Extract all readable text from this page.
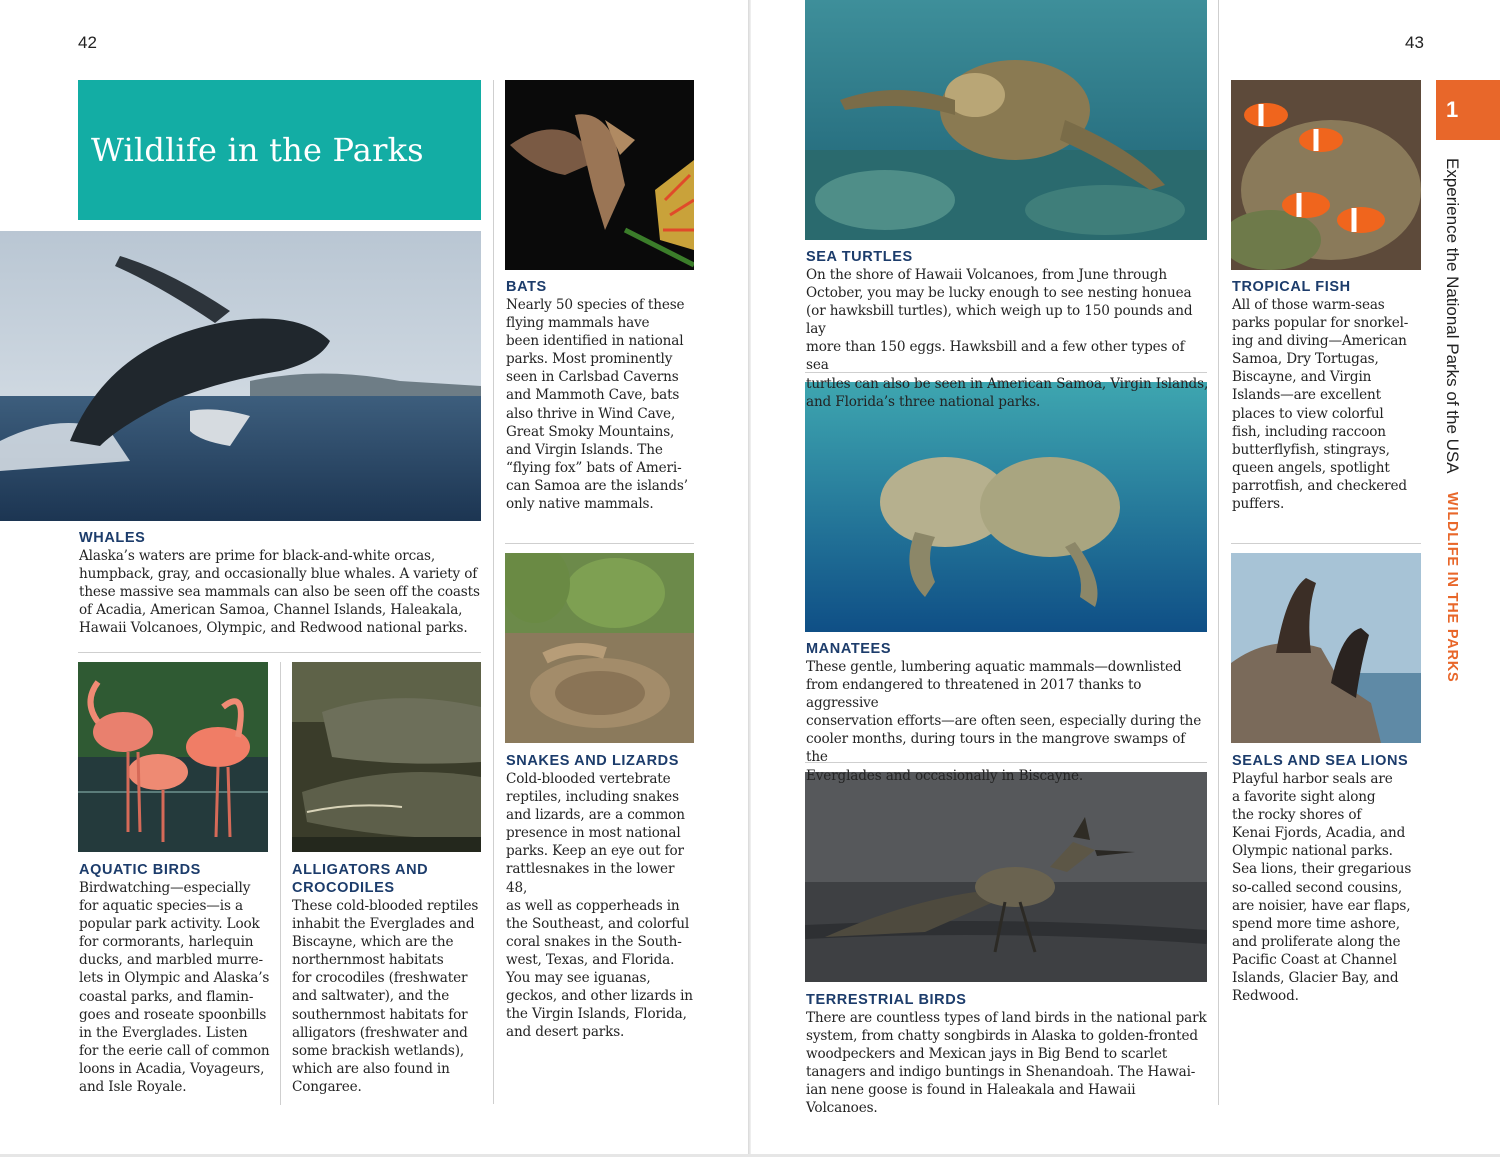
42	43
Wildlife in the Parks
1
Experience the National Parks of the USA WILDLIFE IN THE PARKS
WHALES
Alaska’s waters are prime for black-and-white orcas,
humpback, gray, and occasionally blue whales. A variety of
these massive sea mammals can also be seen off the coasts
of Acadia, American Samoa, Channel Islands, Haleakala,
Hawaii Volcanoes, Olympic, and Redwood national parks.
BATS
Nearly 50 species of these
flying mammals have
been identified in national
parks. Most prominently
seen in Carlsbad Caverns
and Mammoth Cave, bats
also thrive in Wind Cave,
Great Smoky Mountains,
and Virgin Islands. The
“flying fox” bats of Ameri-
can Samoa are the islands’
only native mammals.
AQUATIC BIRDS
Birdwatching—especially
for aquatic species—is a
popular park activity. Look
for cormorants, harlequin
ducks, and marbled murre-
lets in Olympic and Alaska’s
coastal parks, and flamin-
goes and roseate spoonbills
in the Everglades. Listen
for the eerie call of common
loons in Acadia, Voyageurs,
and Isle Royale.
ALLIGATORS AND
CROCODILES
These cold-blooded reptiles
inhabit the Everglades and
Biscayne, which are the
northernmost habitats
for crocodiles (freshwater
and saltwater), and the
southernmost habitats for
alligators (freshwater and
some brackish wetlands),
which are also found in
Congaree.
SNAKES AND LIZARDS
Cold-blooded vertebrate
reptiles, including snakes
and lizards, are a common
presence in most national
parks. Keep an eye out for
rattlesnakes in the lower 48,
as well as copperheads in
the Southeast, and colorful
coral snakes in the South-
west, Texas, and Florida.
You may see iguanas,
geckos, and other lizards in
the Virgin Islands, Florida,
and desert parks.
SEA TURTLES
On the shore of Hawaii Volcanoes, from June through
October, you may be lucky enough to see nesting honuea
(or hawksbill turtles), which weigh up to 150 pounds and lay
more than 150 eggs. Hawksbill and a few other types of sea
turtles can also be seen in American Samoa, Virgin Islands,
and Florida’s three national parks.
MANATEES
These gentle, lumbering aquatic mammals—downlisted
from endangered to threatened in 2017 thanks to aggressive
conservation efforts—are often seen, especially during the
cooler months, during tours in the mangrove swamps of the
Everglades and occasionally in Biscayne.
TERRESTRIAL BIRDS
There are countless types of land birds in the national park
system, from chatty songbirds in Alaska to golden-fronted
woodpeckers and Mexican jays in Big Bend to scarlet
tanagers and indigo buntings in Shenandoah. The Hawai-
ian nene goose is found in Haleakala and Hawaii Volcanoes.
TROPICAL FISH
All of those warm-seas
parks popular for snorkel-
ing and diving—American
Samoa, Dry Tortugas,
Biscayne, and Virgin
Islands—are excellent
places to view colorful
fish, including raccoon
butterflyfish, stingrays,
queen angels, spotlight
parrotfish, and checkered
puffers.
SEALS AND SEA LIONS
Playful harbor seals are
a favorite sight along
the rocky shores of
Kenai Fjords, Acadia, and
Olympic national parks.
Sea lions, their gregarious
so-called second cousins,
are noisier, have ear flaps,
spend more time ashore,
and proliferate along the
Pacific Coast at Channel
Islands, Glacier Bay, and
Redwood.
